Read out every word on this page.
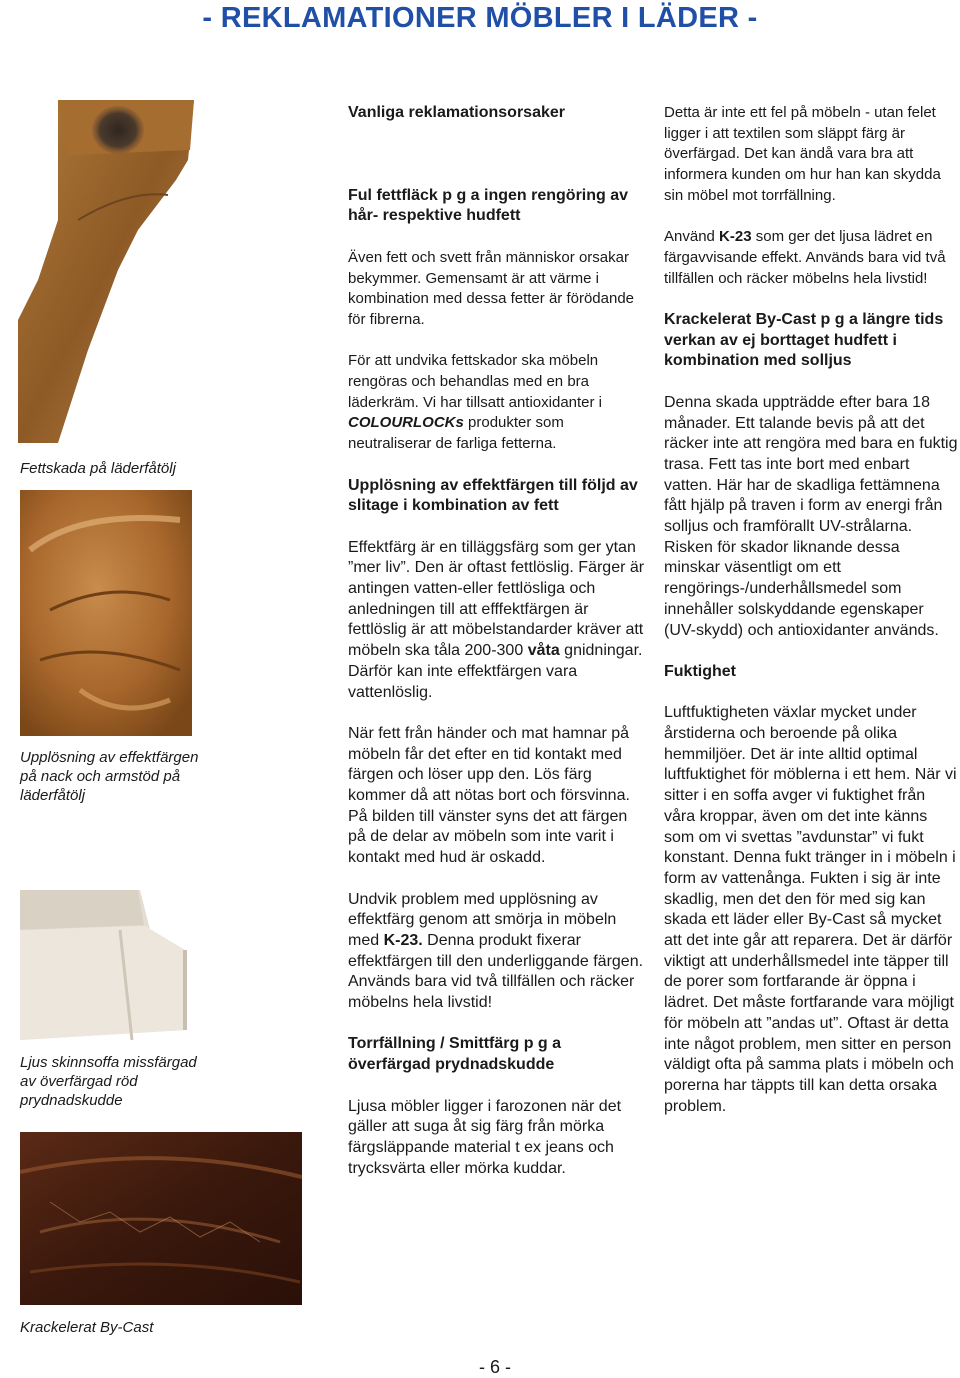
- REKLAMATIONER MÖBLER I LÄDER -
Fettskada på läderfåtölj
Upplösning av effektfärgen på nack och armstöd på läderfåtölj
Ljus skinnsoffa missfärgad av överfärgad röd prydnadskudde
Krackelerat By-Cast

Vanliga reklamationsorsaker

Ful fettfläck p g a ingen rengöring av hår- respektive hudfett

Även fett och svett från människor orsakar bekymmer. Gemensamt är att värme i kombination med dessa fetter är förödande för fibrerna.

För att undvika fettskador ska möbeln rengöras och behandlas med en bra läderkräm. Vi har tillsatt antioxidanter i COLOURLOCKs produkter som neutraliserar de farliga fetterna.

Upplösning av effektfärgen till följd av slitage i kombination av fett

Effektfärg är en tilläggsfärg som ger ytan ”mer liv”. Den är oftast fettlöslig. Färger är antingen vatten-eller fettlösliga och anledningen till att efffektfärgen är fettlöslig är att möbelstandarder kräver att möbeln ska tåla 200-300 våta gnidningar. Därför kan inte effektfärgen vara vattenlöslig.

När fett från händer och mat hamnar på möbeln får det efter en tid kontakt med färgen och löser upp den. Lös färg kommer då att nötas bort och försvinna. På bilden till vänster syns det att färgen på de delar av möbeln som inte varit i kontakt med hud är oskadd.

Undvik problem med upplösning av effektfärg genom att smörja in möbeln med K-23. Denna produkt fixerar effektfärgen till den underliggande färgen. Används bara vid två tillfällen och räcker möbelns hela livstid!

Torrfällning / Smittfärg p g a överfärgad prydnadskudde

Ljusa möbler ligger i farozonen när det gäller att suga åt sig färg från mörka färgsläppande material t ex jeans och trycksvärta eller mörka kuddar.

Detta är inte ett fel på möbeln - utan felet ligger i att textilen som släppt färg är överfärgad. Det kan ändå vara bra att informera kunden om hur han kan skydda sin möbel mot torrfällning.

Använd K-23 som ger det ljusa lädret en färgavvisande effekt. Används bara vid två tillfällen och räcker möbelns hela livstid!

Krackelerat By-Cast p g a längre tids verkan av ej borttaget hudfett i kombination med solljus

Denna skada uppträdde efter bara 18 månader. Ett talande bevis på att det räcker inte att rengöra med bara en fuktig trasa. Fett tas inte bort med enbart vatten. Här har de skadliga fettämnena fått hjälp på traven i form av energi från solljus och framförallt UV-strålarna. Risken för skador liknande dessa minskar väsentligt om ett rengörings-/underhållsmedel som innehåller solskyddande egenskaper (UV-skydd) och antioxidanter används.

Fuktighet

Luftfuktigheten växlar mycket under årstiderna och beroende på olika hemmiljöer. Det är inte alltid optimal luftfuktighet för möblerna i ett hem. När vi sitter i en soffa avger vi fuktighet från våra kroppar, även om det inte känns som om vi svettas ”avdunstar” vi fukt konstant. Denna fukt tränger in i möbeln i form av vattenånga. Fukten i sig är inte skadlig, men det den för med sig kan skada ett läder eller By-Cast så mycket att det inte går att reparera. Det är därför viktigt att underhållsmedel inte täpper till de porer som fortfarande är öppna i lädret. Det måste fortfarande vara möjligt för möbeln att ”andas ut”. Oftast är detta inte något problem, men sitter en person väldigt ofta på samma plats i möbeln och porerna har täppts till kan detta orsaka problem.

- 6 -
